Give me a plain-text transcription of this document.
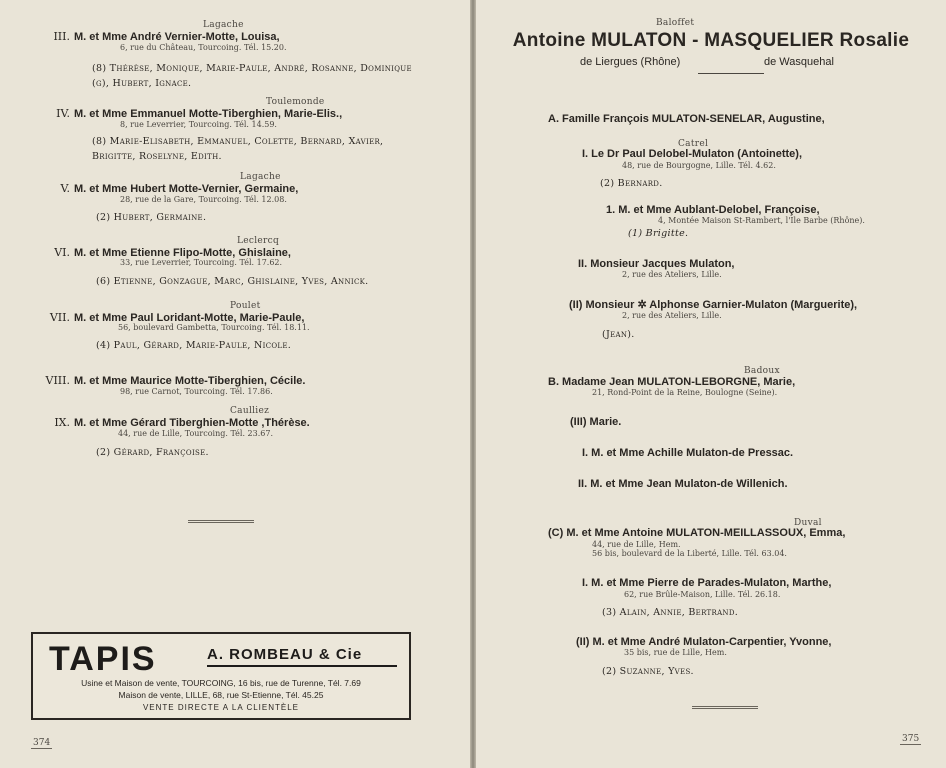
Lagache
III. M. et Mme André Vernier-Motte, Louisa,
6, rue du Château, Tourcoing. Tél. 15.20.
(8) Thérèse, Monique, Marie-Paule, André, Rosanne, Dominique (g), Hubert, Ignace.
Toulemonde
IV. M. et Mme Emmanuel Motte-Tiberghien, Marie-Elis.,
8, rue Leverrier, Tourcoing. Tél. 14.59.
(8) Marie-Elisabeth, Emmanuel, Colette, Bernard, Xavier, Brigitte, Roselyne, Edith.
Lagache
V. M. et Mme Hubert Motte-Vernier, Germaine,
28, rue de la Gare, Tourcoing. Tél. 12.08.
(2) Hubert, Germaine.
Leclercq
VI. M. et Mme Etienne Flipo-Motte, Ghislaine,
33, rue Leverrier, Tourcoing. Tél. 17.62.
(6) Etienne, Gonzague, Marc, Ghislaine, Yves, Annick.
Poulet
VII. M. et Mme Paul Loridant-Motte, Marie-Paule,
56, boulevard Gambetta, Tourcoing. Tél. 18.11.
(4) Paul, Gérard, Marie-Paule, Nicole.
VIII. M. et Mme Maurice Motte-Tiberghien, Cécile.
98, rue Carnot, Tourcoing. Tél. 17.86.
Caulliez
IX. M. et Mme Gérard Tiberghien-Motte ,Thérèse.
44, rue de Lille, Tourcoing. Tél. 23.67.
(2) Gérard, Françoise.
TAPIS	A. ROMBEAU & Cie
Usine et Maison de vente, TOURCOING, 16 bis, rue de Turenne, Tél. 7.69
Maison de vente, LILLE, 68, rue St-Etienne, Tél. 45.25
VENTE DIRECTE A LA CLIENTÈLE
374
Baloffet
Antoine MULATON - MASQUELIER Rosalie
de Liergues (Rhône)	de Wasquehal
A. Famille François MULATON-SENELAR, Augustine,
Catrel
I. Le Dr Paul Delobel-Mulaton (Antoinette),
48, rue de Bourgogne, Lille. Tél. 4.62.
(2) Bernard.
1. M. et Mme Aublant-Delobel, Françoise,
4, Montée Maison St-Rambert, l'Ile Barbe (Rhône).
(1) Brigitte.
II. Monsieur Jacques Mulaton,
2, rue des Ateliers, Lille.
(II) Monsieur ✲ Alphonse Garnier-Mulaton (Marguerite),
2, rue des Ateliers, Lille.
(Jean).
Badoux
B. Madame Jean MULATON-LEBORGNE, Marie,
21, Rond-Point de la Reine, Boulogne (Seine).
(III) Marie.
I. M. et Mme Achille Mulaton-de Pressac.
II. M. et Mme Jean Mulaton-de Willenich.
Duval
(C) M. et Mme Antoine MULATON-MEILLASSOUX, Emma,
44, rue de Lille, Hem.
56 bis, boulevard de la Liberté, Lille. Tél. 63.04.
I. M. et Mme Pierre de Parades-Mulaton, Marthe,
62, rue Brûle-Maison, Lille. Tél. 26.18.
(3) Alain, Annie, Bertrand.
(II) M. et Mme André Mulaton-Carpentier, Yvonne,
35 bis, rue de Lille, Hem.
(2) Suzanne, Yves.
375
